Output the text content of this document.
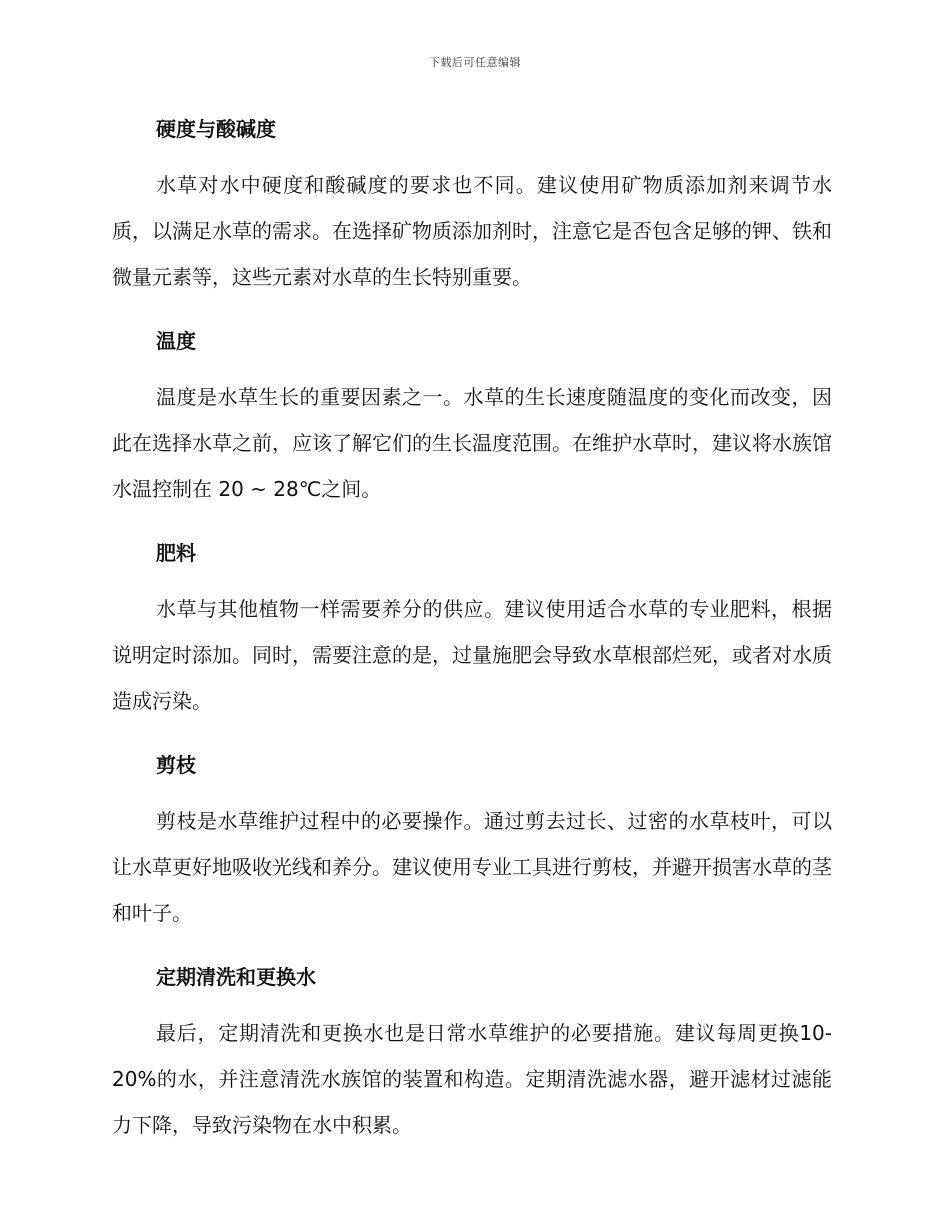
下载后可任意编辑
硬度与酸碱度

水草对水中硬度和酸碱度的要求也不同。建议使用矿物质添加剂来调节水质，以满足水草的需求。在选择矿物质添加剂时，注意它是否包含足够的钾、铁和微量元素等，这些元素对水草的生长特别重要。

温度

温度是水草生长的重要因素之一。水草的生长速度随温度的变化而改变，因此在选择水草之前，应该了解它们的生长温度范围。在维护水草时，建议将水族馆水温控制在 20 ~ 28℃之间。

肥料

水草与其他植物一样需要养分的供应。建议使用适合水草的专业肥料，根据说明定时添加。同时，需要注意的是，过量施肥会导致水草根部烂死，或者对水质造成污染。

剪枝

剪枝是水草维护过程中的必要操作。通过剪去过长、过密的水草枝叶，可以让水草更好地吸收光线和养分。建议使用专业工具进行剪枝，并避开损害水草的茎和叶子。

定期清洗和更换水

最后，定期清洗和更换水也是日常水草维护的必要措施。建议每周更换10-20%的水，并注意清洗水族馆的装置和构造。定期清洗滤水器，避开滤材过滤能力下降，导致污染物在水中积累。
